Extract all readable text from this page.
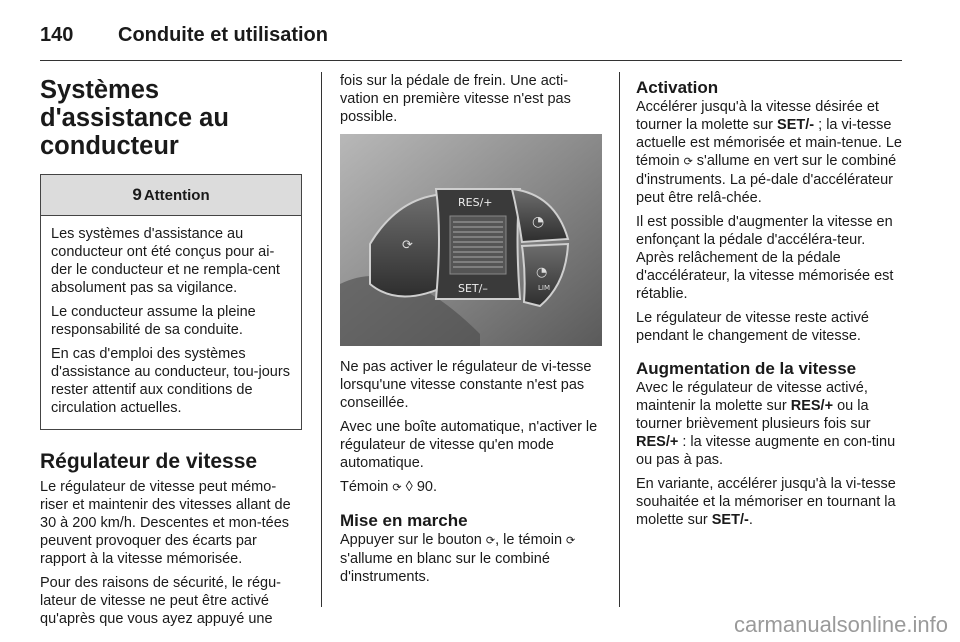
140	Conduite et utilisation
Systèmes d'assistance au conducteur
9 Attention

Les systèmes d'assistance au conducteur ont été conçus pour ai-der le conducteur et ne rempla-cent absolument pas sa vigilance.

Le conducteur assume la pleine responsabilité de sa conduite.

En cas d'emploi des systèmes d'assistance au conducteur, tou-jours rester attentif aux conditions de circulation actuelles.

Régulateur de vitesse

Le régulateur de vitesse peut mémo-riser et maintenir des vitesses allant de 30 à 200 km/h. Descentes et mon-tées peuvent provoquer des écarts par rapport à la vitesse mémorisée.

Pour des raisons de sécurité, le régu-lateur de vitesse ne peut être activé qu'après que vous ayez appuyé une

fois sur la pédale de frein. Une acti-vation en première vitesse n'est pas possible.

⟳
RES/+
SET/–
◔
◔
LIM

Ne pas activer le régulateur de vi-tesse lorsqu'une vitesse constante n'est pas conseillée.

Avec une boîte automatique, n'activer le régulateur de vitesse qu'en mode automatique.

Témoin ⟳ ◊ 90.

Mise en marche

Appuyer sur le bouton ⟳, le témoin ⟳ s'allume en blanc sur le combiné d'instruments.

Activation

Accélérer jusqu'à la vitesse désirée et tourner la molette sur SET/- ; la vi-tesse actuelle est mémorisée et main-tenue. Le témoin ⟳ s'allume en vert sur le combiné d'instruments. La pé-dale d'accélérateur peut être relâ-chée.

Il est possible d'augmenter la vitesse en enfonçant la pédale d'accéléra-teur. Après relâchement de la pédale d'accélérateur, la vitesse mémorisée est rétablie.

Le régulateur de vitesse reste activé pendant le changement de vitesse.

Augmentation de la vitesse

Avec le régulateur de vitesse activé, maintenir la molette sur RES/+ ou la tourner brièvement plusieurs fois sur RES/+ : la vitesse augmente en con-tinu ou pas à pas.

En variante, accélérer jusqu'à la vi-tesse souhaitée et la mémoriser en tournant la molette sur SET/-.

carmanualsonline.info
